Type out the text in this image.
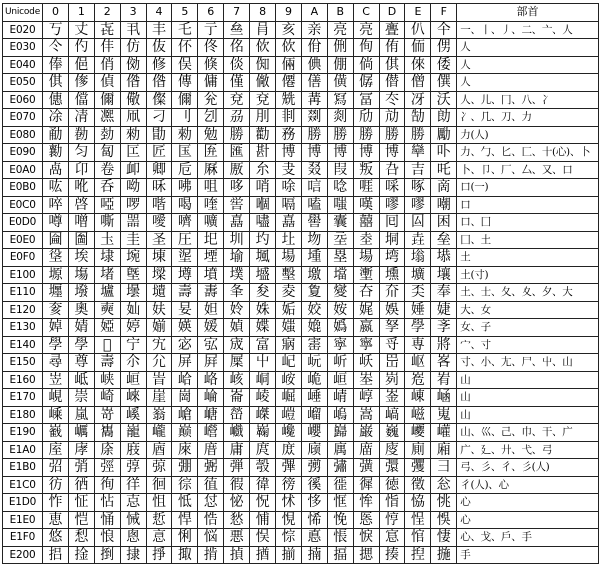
Unicode	0	1	2	3	4	5	6	7	8	9	A	B	C	D	E	F	部首
E020	丂	丈	㐂	丮	丰	乇	亍	亝	肙	亥	亲	亮	亮	亹	仈	仐	一、丨、丿、二、亠、人
E030	仒	仢	仹	仿	伖	伓	佟	佲	佽	佽	佾	侀	侚	侑	侕	侽	人
E040	俸	俋	俏	俲	修	俣	倏	倓	倁	倆	倎	倗	倘	倛	倈	倭	人
E050	倛	偧	偵	偺	偺	傳	傭	僅	僘	僊	僐	僙	僝	僣	僧	僎	人
E060	僡	儅	儞	儆	儏	儞	兊	兗	兗	兟	冓	冩	冨	冭	冴	沃	人、儿、冂、八、冫
E070	凃	凊	凞	凧	刁	刂	刉	刕	刖	剕	剟	剡	劤	劥	勂	勆	冫、几、刀、力
E080	勈	勌	勎	勑	勖	勑	勉	勝	勸	務	勝	勝	勝	勝	勝	勵	力(人)
E090	勷	匀	匐	匞	匠	匤	匥	匯	卙	博	博	博	博	博	卛	卟	力、勹、匕、匚、十(心)、卜
E0A0	卨	卬	卷	卹	卿	卮	厤	厫	厼	叏	叕	叚	叛	叴	吉	吒	卜、卩、厂、厶、又、口
E0B0	吰	吪	呑	呦	咊	咈	咀	哆	哨	唋	唁	唸	啀	啋	啄	啇	口(一)
E0C0	啐	啓	啞	啰	喈	喝	喹	喾	嗰	嗝	嗑	嗤	嘆	嘐	嘐	嘲	口
E0D0	噂	噌	嘶	噐	噯	嚌	嚝	嚞	嚍	嚞	嚳	囊	囍	囘	囜	困	口、囗
E0E0	圇	圗	圡	圭	圣	圧	圯	圳	圴	圵	圽	坖	坴	垌	垚	垒	囗、土
E0F0	垼	埃	埭	埦	埬	埿	堙	堬	堸	場	堹	塁	場	塆	塕	塨	土
E100	塬	塲	堵	墍	墚	墫	墳	墣	墭	墼	墽	壋	壍	壎	壙	壤	土(寸)
E110	壥	墢	壚	壜	壝	壽	夀	夆	夋	夌	夐	夑	夻	夼	奀	奉	土、士、夂、夊、夕、大
E120	奒	奧	奭	奾	妋	妟	妲	姈	姝	姤	姣	姲	娓	娛	娷	婕	大、女
E130	婥	婧	婭	婷	媊	媖	媛	媜	媟	媸	嫓	嬀	嬴	孥	學	斈	女、子
E140	學	學	𡦹	宁	宄	宓	宖	宬	富	寎	寚	寜	寧	寽	専	將	宀、寸
E150	尋	尊	壽	尒	尣	屏	屛	屟	屮	屺	岏	岓	岆	岊	岖	峉	寸、小、尢、尸、屮、山
E160	岦	岻	峡	峘	峕	峆	峈	峐	峒	峖	峗	峘	峚	峛	峞	峟	山
E170	峴	崇	崎	崍	崖	崗	崘	崙	崚	崛	崜	崝	崞	崟	崠	崡	山
E180	嵊	嵐	嵜	嵠	嵡	嵢	嵣	嵤	嵥	嵦	嵧	嵨	嵩	嵪	嵫	嵬	山
E190	巀	巁	巂	巃	巄	巅	巆	巇	巈	巉	巊	巋	巌	巍	巎	巏	山、巛、己、巾、干、广
E1A0	庢	庨	庩	庪	庮	庲	庴	庸	庹	庻	庼	庽	庿	廀	廁	廂	广、廴、廾、弋、弓
E1B0	弨	弰	弳	弴	弶	弸	弻	弾	彀	彃	彅	彇	彉	彋	彏	彐	弓、彡、彳、彡(人)
E1C0	彷	徆	徇	徉	徊	徖	徝	徦	徫	徬	徯	徰	徲	徳	徵	忩	彳(人)、心
E1D0	怍	怔	怗	怘	怚	怟	怤	怭	怳	怵	恀	恇	恈	恉	恊	恌	心
E1E0	恵	恺	悀	悈	悊	悍	悎	悐	悑	悓	悕	悗	悘	悙	悜	悞	心
E1F0	悠	悡	悢	悤	悥	悧	悩	悪	悮	悰	悳	悵	悷	悹	悺	悽	心、戈、戶、手
E200	捛	捦	捯	捸	掙	掫	掯	揁	揂	揃	揇	揊	揌	揍	揑	揓	手
